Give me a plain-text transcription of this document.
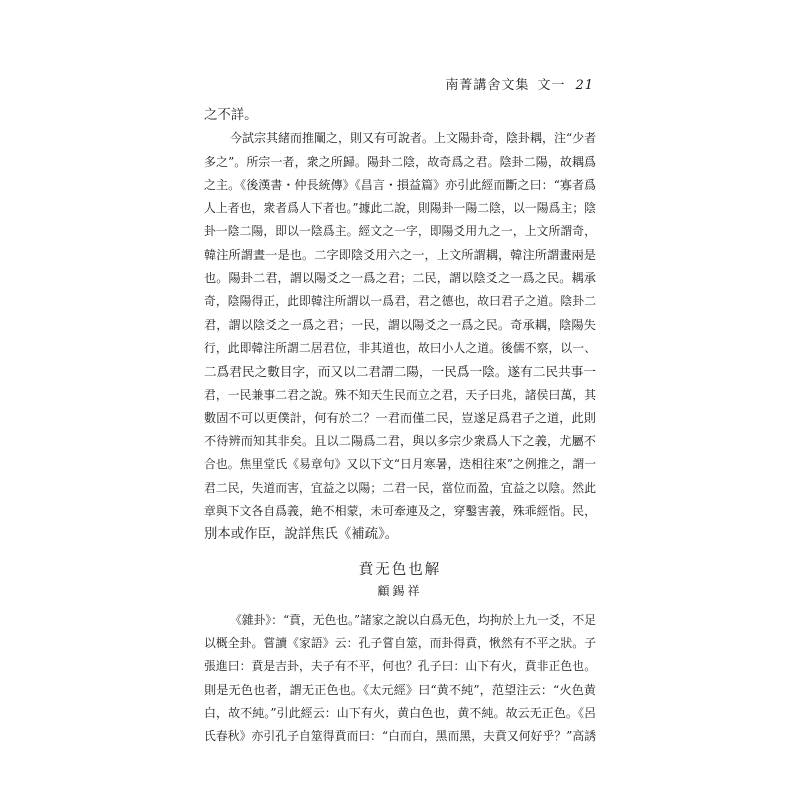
南菁講舍文集 文一 21
之不詳。
今試宗其緒而推闡之，則又有可說者。上文陽卦奇，陰卦耦，注“少者
多之”。所宗一者，衆之所歸。陽卦二陰，故奇爲之君。陰卦二陽，故耦爲
之主。《後漢書・仲長統傳》《昌言・損益篇》亦引此經而斷之曰：“寡者爲
人上者也，衆者爲人下者也。”據此二說，則陽卦一陽二陰，以一陽爲主；陰
卦一陰二陽，即以一陰爲主。經文之一字，即陽爻用九之一，上文所謂奇，
韓注所謂晝一是也。二字即陰爻用六之一，上文所謂耦，韓注所謂畫兩是
也。陽卦二君，謂以陽爻之一爲之君；二民，謂以陰爻之一爲之民。耦承
奇，陰陽得正，此即韓注所謂以一爲君，君之德也，故曰君子之道。陰卦二
君，謂以陰爻之一爲之君；一民，謂以陽爻之一爲之民。奇承耦，陰陽失
行，此即韓注所謂二居君位，非其道也，故曰小人之道。後儒不察，以一、
二爲君民之數目字，而又以二君謂二陽，一民爲一陰。遂有二民共事一
君，一民兼事二君之說。殊不知天生民而立之君，天子曰兆，諸侯曰萬，其
數固不可以更僕計，何有於二？一君而僅二民，豈遂足爲君子之道，此則
不待辨而知其非矣。且以二陽爲二君，與以多宗少衆爲人下之義，尤屬不
合也。焦里堂氏《易章句》又以下文“日月寒暑，迭相往來”之例推之，謂一
君二民，失道而害，宜益之以陽；二君一民，當位而盈，宜益之以陰。然此
章與下文各自爲義，絶不相蒙，未可牽連及之，穿鑿害義，殊乖經恉。民，
別本或作臣，說詳焦氏《補疏》。
賁无色也解
顧錫祥
《雜卦》：“賁，无色也。”諸家之說以白爲无色，均拘於上九一爻，不足
以概全卦。嘗讀《家語》云：孔子嘗自筮，而卦得賁，愀然有不平之狀。子
張進曰：賁是吉卦，夫子有不平，何也？孔子曰：山下有火，賁非正色也。
則是无色也者，謂无正色也。《太元經》曰“黄不純”，范望注云：“火色黄
白，故不純。”引此經云：山下有火，黄白色也，黄不純。故云无正色。《呂
氏春秋》亦引孔子自筮得賁而曰：“白而白，黑而黑，夫賁又何好乎？”高誘
